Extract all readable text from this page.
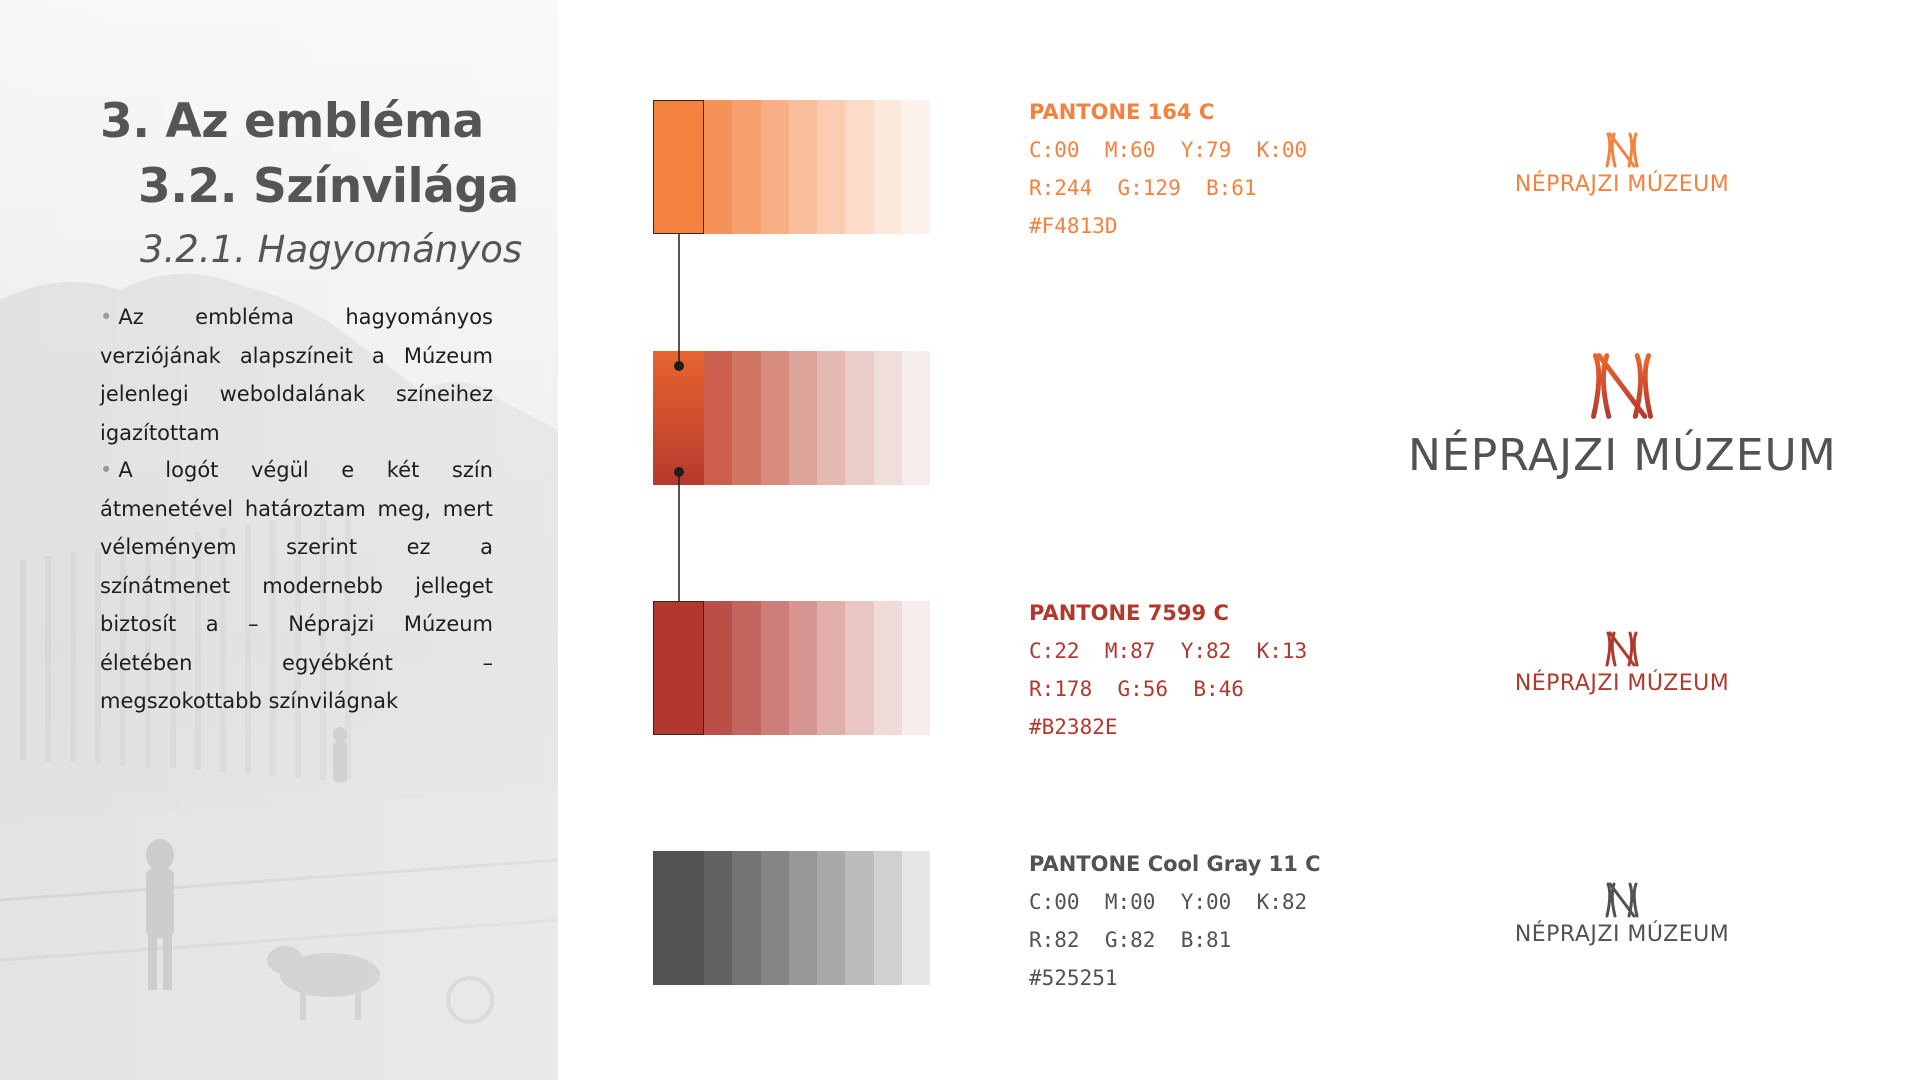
3. Az embléma
3.2. Színvilága
3.2.1. Hagyományos
• Az embléma hagyományos verziójának alapszíneit a Múzeum jelenlegi weboldalának színeihez igazítottam
• A logót végül e két szín átmenetével határoztam meg, mert véleményem szerint ez a színátmenet modernebb jelleget biztosít a – Néprajzi Múzeum életében egyébként – megszokottabb színvilágnak
PANTONE 164 C
C:00  M:60  Y:79  K:00
R:244  G:129  B:61
#F4813D
PANTONE 7599 C
C:22  M:87  Y:82  K:13
R:178  G:56  B:46
#B2382E
PANTONE Cool Gray 11 C
C:00  M:00  Y:00  K:82
R:82  G:82  B:81
#525251
NÉPRAJZI MÚZEUM
NÉPRAJZI MÚZEUM
NÉPRAJZI MÚZEUM
NÉPRAJZI MÚZEUM
